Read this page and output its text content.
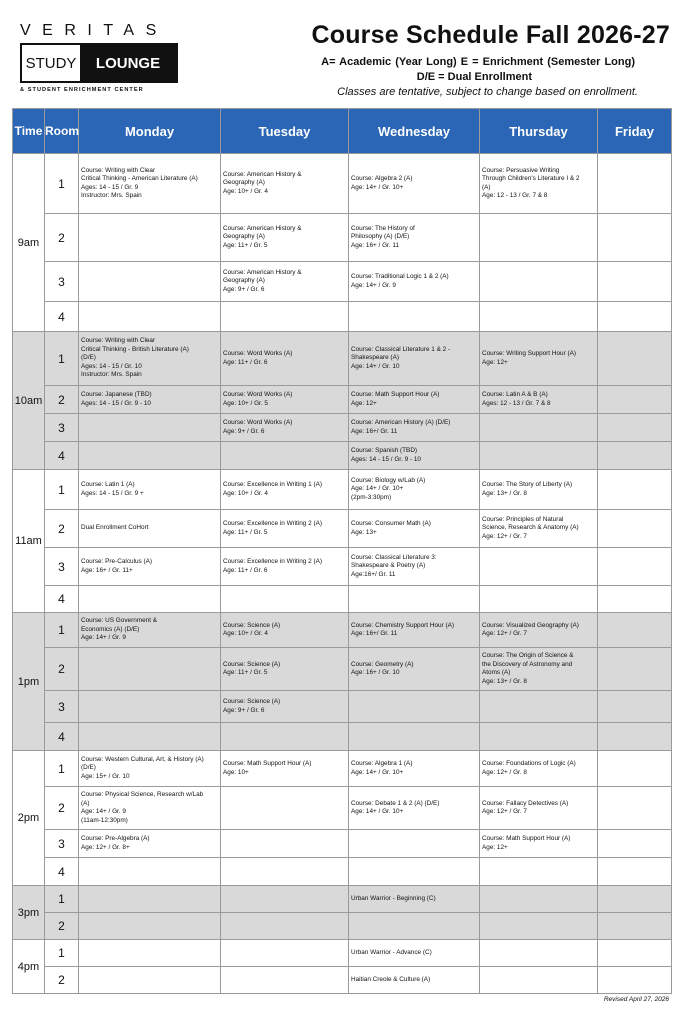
VERITAS
STUDY	LOUNGE
& STUDENT ENRICHMENT CENTER
Course Schedule Fall 2026-27
A= Academic (Year Long) E = Enrichment (Semester Long)
D/E = Dual Enrollment
Classes are tentative, subject to change based on enrollment.
Time	Room	Monday	Tuesday	Wednesday	Thursday	Friday
9am	1	Course: Writing with Clear
Critical Thinking - American Literature (A)
Ages: 14 - 15 / Gr. 9
Instructor: Mrs. Spain	Course: American History &
Geography (A)
Age: 10+ / Gr. 4	Course: Algebra 2 (A)
Age: 14+ / Gr. 10+	Course: Persuasive Writing
Through Children's Literature I & 2
(A)
Age: 12 - 13 / Gr. 7 & 8	

	2		Course: American History &
Geography (A)
Age: 11+ / Gr. 5	Course: The History of
Philosophy (A) (D/E)
Age: 16+ / Gr. 11		

	3		Course: American History &
Geography (A)
Age: 9+ / Gr. 6	Course: Traditional Logic 1 & 2 (A)
Age: 14+ / Gr. 9		

	4					
10am	1	Course: Writing with Clear
Critical Thinking - British Literature (A)
(D/E)
Ages: 14 - 15 / Gr. 10
Instructor: Mrs. Spain	Course: Word Works (A)
Age: 11+ / Gr. 6	Course: Classical Literature 1 & 2 -
Shakespeare (A)
Age: 14+ / Gr. 10	Course: Writing Support Hour (A)
Age: 12+	

	2	Course: Japanese (TBD)
Ages: 14 - 15 / Gr. 9 - 10	Course: Word Works (A)
Age: 10+ / Gr. 5	Course: Math Support Hour (A)
Age: 12+	Course: Latin A & B (A)
Ages: 12 - 13 / Gr. 7 & 8	

	3		Course: Word Works (A)
Age: 9+ / Gr. 6	Course: American History (A) (D/E)
Age: 16+/ Gr. 11		

	4			Course: Spanish (TBD)
Ages: 14 - 15 / Gr. 9 - 10		

11am	1	Course: Latin 1 (A)
Ages: 14 - 15 / Gr. 9 +	Course: Excellence in Writing 1 (A)
Age: 10+ / Gr. 4	Course: Biology w/Lab (A)
Age: 14+ / Gr. 10+
(2pm-3:30pm)	Course: The Story of Liberty (A)
Age: 13+ / Gr. 8	

	2	Dual Enrollment CoHort	Course: Excellence in Writing 2 (A)
Age: 11+ / Gr. 5	Course: Consumer Math (A)
Age: 13+	Course: Principles of Natural
Science, Research & Anatomy (A)
Age: 12+ / Gr. 7	

	3	Course: Pre-Calculus (A)
Age: 16+ / Gr. 11+	Course: Excellence in Writing 2 (A)
Age: 11+ / Gr. 6	Course: Classical Literature 3:
Shakespeare & Poetry (A)
Age:16+/ Gr. 11		

	4					
1pm	1	Course: US Government &
Economics (A) (D/E)
Age: 14+ / Gr. 9	Course: Science (A)
Age: 10+ / Gr. 4	Course: Chemistry Support Hour (A)
Age: 16+/ Gr. 11	Course: Visualized Geography (A)
Age: 12+ / Gr. 7	

	2		Course: Science (A)
Age: 11+ / Gr. 5	Course: Geometry (A)
Age: 16+ / Gr. 10	Course: The Origin of Science &
the Discovery of Astronomy and
Atoms (A)
Age: 13+ / Gr. 8	

	3		Course: Science (A)
Age: 9+ / Gr. 6			

	4					
2pm	1	Course: Western Cultural, Art, & History (A)
(D/E)
Age: 15+ / Gr. 10	Course: Math Support Hour (A)
Age: 10+	Course: Algebra 1 (A)
Age: 14+ / Gr. 10+	Course: Foundations of Logic (A)
Age: 12+ / Gr. 8	

	2	Course: Physical Science, Research w/Lab
(A)
Age: 14+ / Gr. 9
(11am-12:30pm)		Course: Debate 1 & 2 (A) (D/E)
Age: 14+ / Gr. 10+	Course: Fallacy Detectives (A)
Age: 12+ / Gr. 7	

	3	Course: Pre-Algebra (A)
Age: 12+ / Gr. 8+			Course: Math Support Hour (A)
Age: 12+	

	4					
3pm	1			Urban Warrior - Beginning (C)		

	2					
4pm	1			Urban Warrior - Advance (C)		

	2			Haitian Creole & Culture (A)		

Revised April 27, 2026
